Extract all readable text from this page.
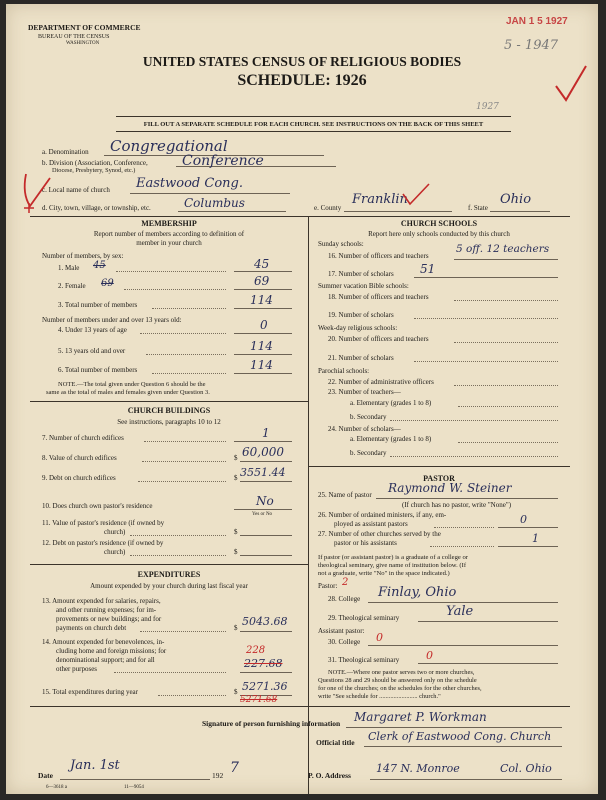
DEPARTMENT OF COMMERCE
BUREAU OF THE CENSUS
WASHINGTON
JAN 1 5 1927
5 - 1947
1927
UNITED STATES CENSUS OF RELIGIOUS BODIES
SCHEDULE: 1926
FILL OUT A SEPARATE SCHEDULE FOR EACH CHURCH. SEE INSTRUCTIONS ON THE BACK OF THIS SHEET
a. Denomination Congregational
b. Division (Association, Conference,
Diocese, Presbytery, Synod, etc.)
Conference
c. Local name of church Eastwood Cong.
d. City, town, village, or township, etc.	Columbus	e. County
Franklin
f. State
Ohio
MEMBERSHIP
Report number of members according to definition of
member in your church
Number of members, by sex:
1. Male 45	45
2. Female 69	69
3. Total number of members	114
Number of members under and over 13 years old:
4. Under 13 years of age	0
5. 13 years old and over	114
6. Total number of members	114
NOTE.—The total given under Question 6 should be the
same as the total of males and females given under Question 3.
CHURCH BUILDINGS
See instructions, paragraphs 10 to 12
7. Number of church edifices	1
8. Value of church edifices	$ 60,000
9. Debt on church edifices	$ 3551.44
10. Does church own pastor's residence	No
Yes or No
11. Value of pastor's residence (if owned by
church)	$
12. Debt on pastor's residence (if owned by
church)	$
EXPENDITURES
Amount expended by your church during last fiscal year
13. Amount expended for salaries, repairs,
and other running expenses; for im-
provements or new buildings; and for
payments on church debt	$ 5043.68
14. Amount expended for benevolences, in-
cluding home and foreign missions; for
denominational support; and for all
other purposes
228
227.68
15. Total expenditures during year	$ 5271.36
5271.68
CHURCH SCHOOLS
Report here only schools conducted by this church
Sunday schools:
16. Number of officers and teachers
5 off. 12 teachers
17. Number of scholars 51
Summer vacation Bible schools:
18. Number of officers and teachers
19. Number of scholars
Week-day religious schools:
20. Number of officers and teachers
21. Number of scholars
Parochial schools:
22. Number of administrative officers
23. Number of teachers—
a. Elementary (grades 1 to 8)
b. Secondary
24. Number of scholars—
a. Elementary (grades 1 to 8)
b. Secondary
PASTOR
25. Name of pastor Raymond W. Steiner
(If church has no pastor, write "None")
26. Number of ordained ministers, if any, em-
ployed as assistant pastors	0
27. Number of other churches served by the
pastor or his assistants	1
If pastor (or assistant pastor) is a graduate of a college or
theological seminary, give name of institution below. (If
not a graduate, write "No" in the space indicated.)
Pastor: 2
28. College Finlay, Ohio
29. Theological seminary	Yale
Assistant pastor:
30. College 0
31. Theological seminary 0
NOTE.—Where one pastor serves two or more churches,
Questions 28 and 29 should be answered only on the schedule
for one of the churches; on the schedules for the other churches,
write "See schedule for ........................ church."
Signature of person furnishing information Margaret P. Workman
Official title Clerk of Eastwood Cong. Church
Date
Jan. 1st
192 7	P. O. Address
147 N. Monroe	Col. Ohio
6—3618 a	11—9054
